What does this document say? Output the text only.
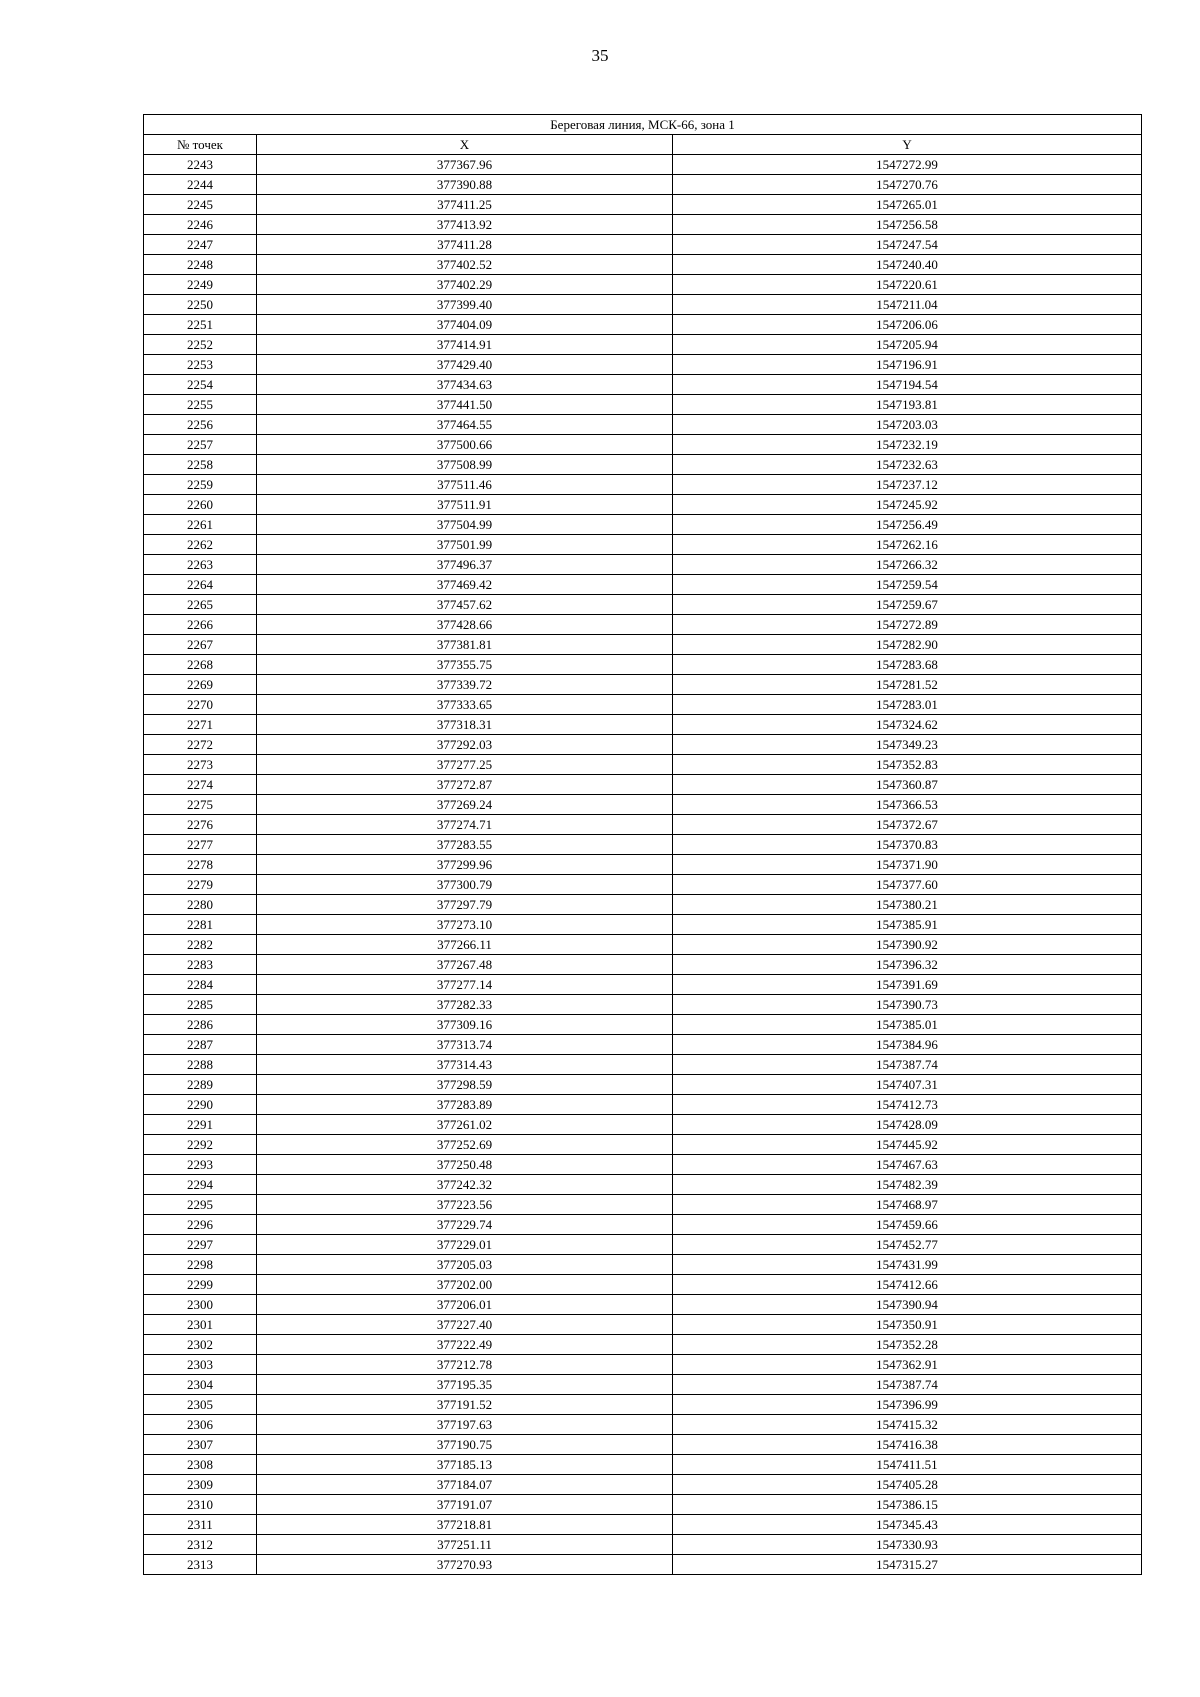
35
Береговая линия, МСК-66, зона 1		
№ точек	X	Y
2243	377367.96	1547272.99
2244	377390.88	1547270.76
2245	377411.25	1547265.01
2246	377413.92	1547256.58
2247	377411.28	1547247.54
2248	377402.52	1547240.40
2249	377402.29	1547220.61
2250	377399.40	1547211.04
2251	377404.09	1547206.06
2252	377414.91	1547205.94
2253	377429.40	1547196.91
2254	377434.63	1547194.54
2255	377441.50	1547193.81
2256	377464.55	1547203.03
2257	377500.66	1547232.19
2258	377508.99	1547232.63
2259	377511.46	1547237.12
2260	377511.91	1547245.92
2261	377504.99	1547256.49
2262	377501.99	1547262.16
2263	377496.37	1547266.32
2264	377469.42	1547259.54
2265	377457.62	1547259.67
2266	377428.66	1547272.89
2267	377381.81	1547282.90
2268	377355.75	1547283.68
2269	377339.72	1547281.52
2270	377333.65	1547283.01
2271	377318.31	1547324.62
2272	377292.03	1547349.23
2273	377277.25	1547352.83
2274	377272.87	1547360.87
2275	377269.24	1547366.53
2276	377274.71	1547372.67
2277	377283.55	1547370.83
2278	377299.96	1547371.90
2279	377300.79	1547377.60
2280	377297.79	1547380.21
2281	377273.10	1547385.91
2282	377266.11	1547390.92
2283	377267.48	1547396.32
2284	377277.14	1547391.69
2285	377282.33	1547390.73
2286	377309.16	1547385.01
2287	377313.74	1547384.96
2288	377314.43	1547387.74
2289	377298.59	1547407.31
2290	377283.89	1547412.73
2291	377261.02	1547428.09
2292	377252.69	1547445.92
2293	377250.48	1547467.63
2294	377242.32	1547482.39
2295	377223.56	1547468.97
2296	377229.74	1547459.66
2297	377229.01	1547452.77
2298	377205.03	1547431.99
2299	377202.00	1547412.66
2300	377206.01	1547390.94
2301	377227.40	1547350.91
2302	377222.49	1547352.28
2303	377212.78	1547362.91
2304	377195.35	1547387.74
2305	377191.52	1547396.99
2306	377197.63	1547415.32
2307	377190.75	1547416.38
2308	377185.13	1547411.51
2309	377184.07	1547405.28
2310	377191.07	1547386.15
2311	377218.81	1547345.43
2312	377251.11	1547330.93
2313	377270.93	1547315.27
